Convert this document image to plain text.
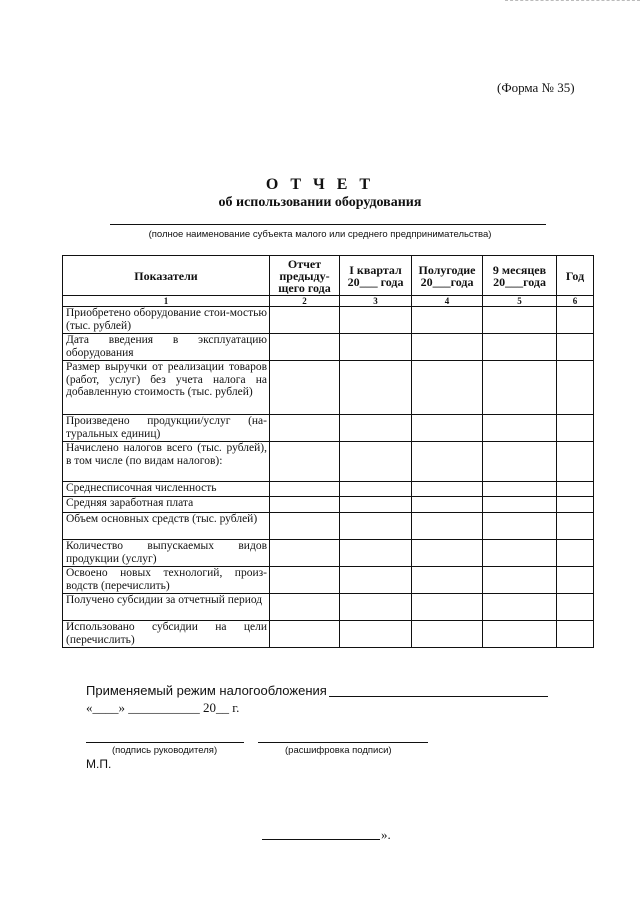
(Форма № 35)
О Т Ч Е Т
об использовании оборудования
(полное наименование субъекта малого или среднего предпринимательства)
Показатели	Отчет предыду-щего года	I квартал 20___ года	Полугодие 20___года	9 месяцев 20___года	Год
1	2	3	4	5	6
Приобретено оборудование стои-мостью (тыс. рублей)					
Дата введения в эксплуатацию оборудования					
Размер выручки от реализации товаров (работ, услуг) без учета налога на добавленную стоимость (тыс. рублей)					
Произведено продукции/услуг (на-туральных единиц)					
Начислено налогов всего (тыс. рублей), в том числе (по видам налогов):					
Среднесписочная численность					
Средняя заработная плата					
Объем основных средств (тыс. рублей)					
Количество выпускаемых видов продукции (услуг)					
Освоено новых технологий, произ-водств (перечислить)					
Получено субсидии за отчетный период					
Использовано субсидии на цели (перечислить)					
Применяемый режим налогообложения
«____» ___________ 20__ г.
(подпись руководителя)	(расшифровка подписи)
М.П.
».
